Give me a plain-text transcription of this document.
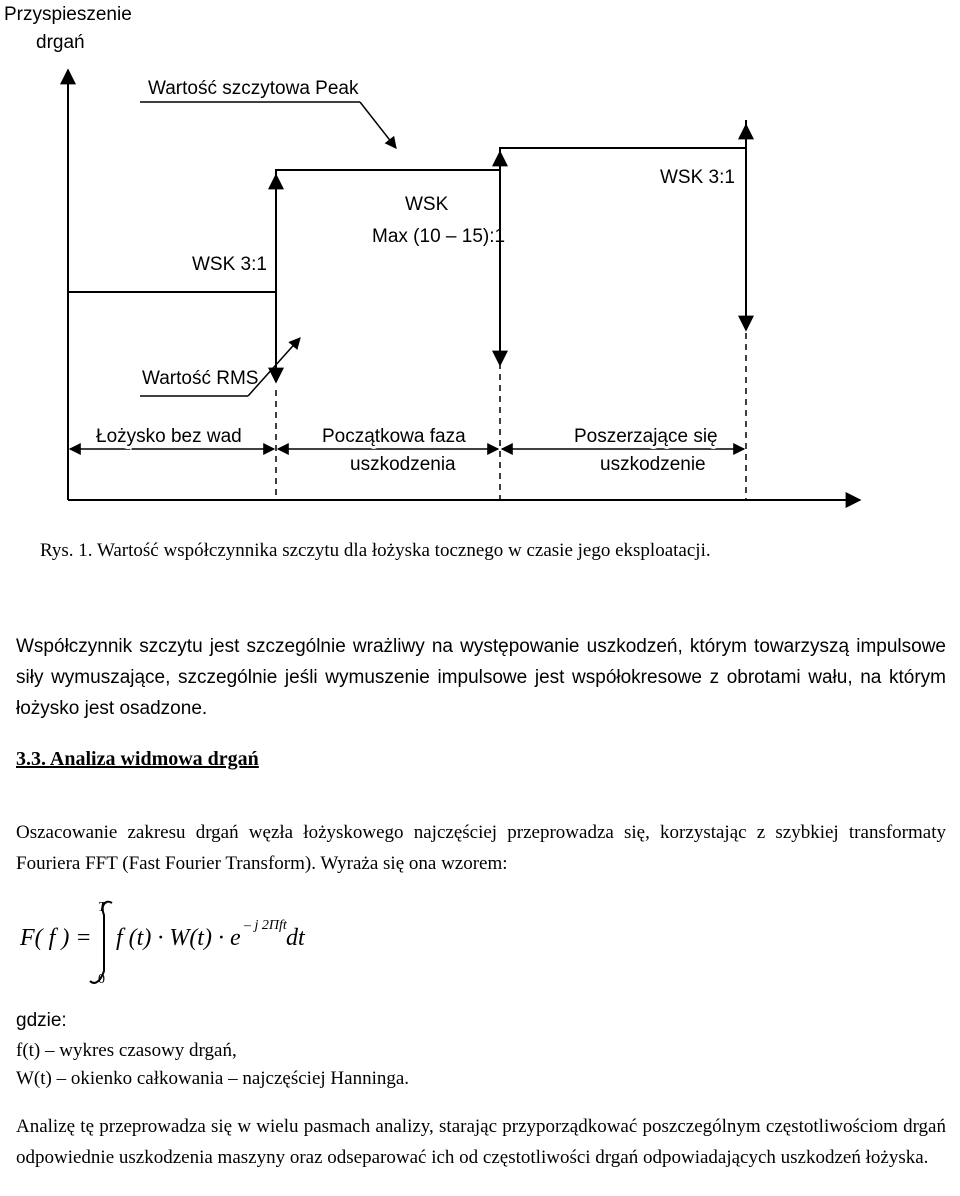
Przyspieszenie
drgań
Wartość szczytowa Peak
WSK 3:1
WSK
Max (10 – 15):1
WSK 3:1
Wartość RMS
Łożysko bez wad	Początkowa faza
uszkodzenia
Poszerzające się
uszkodzenie
Rys. 1. Wartość współczynnika szczytu dla łożyska tocznego w czasie jego eksploatacji.
Współczynnik szczytu jest szczególnie wrażliwy na występowanie uszkodzeń, którym towarzyszą impulsowe siły wymuszające, szczególnie jeśli wymuszenie impulsowe jest współokresowe z obrotami wału, na którym łożysko jest osadzone.
3.3. Analiza widmowa drgań
Oszacowanie zakresu drgań węzła łożyskowego najczęściej przeprowadza się, korzystając z szybkiej transformaty Fouriera FFT (Fast Fourier Transform). Wyraża się ona wzorem:
F( f ) =
T
0
f (t) · W(t) · e – j 2Πft dt
gdzie:
f(t) – wykres czasowy drgań,
W(t) – okienko całkowania – najczęściej Hanninga.
Analizę tę przeprowadza się w wielu pasmach analizy, starając przyporządkować poszczególnym częstotliwościom drgań odpowiednie uszkodzenia maszyny oraz odseparować ich od częstotliwości drgań odpowiadających uszkodzeń łożyska.
